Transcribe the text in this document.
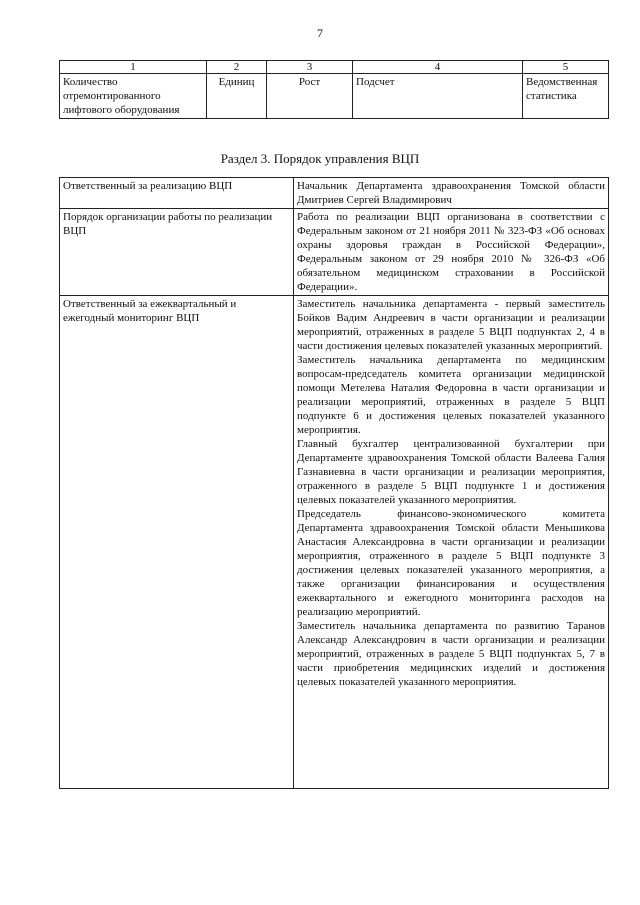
7
1	2	3	4	5
Количество отремонтированного лифтового оборудования	Единиц	Рост	Подсчет	Ведомственная статистика
Раздел 3. Порядок управления ВЦП
Ответственный за реализацию ВЦП	Начальник Департамента здравоохранения Томской области Дмитриев Сергей Владимирович
Порядок организации работы по реализации ВЦП	Работа по реализации ВЦП организована в соответствии с Федеральным законом от 21 ноября 2011 № 323-ФЗ «Об основах охраны здоровья граждан в Российской Федерации», Федеральным законом от 29 ноября 2010 № 326-ФЗ «Об обязательном медицинском страховании в Российской Федерации».
Ответственный за ежеквартальный и ежегодный мониторинг ВЦП	Заместитель начальника департамента - первый заместитель Бойков Вадим Андреевич в части организации и реализации мероприятий, отраженных в разделе 5 ВЦП подпунктах 2, 4 в части достижения целевых показателей указанных мероприятий.

Заместитель начальника департамента по медицинским вопросам-председатель комитета организации медицинской помощи Метелева Наталия Федоровна в части организации и реализации мероприятий, отраженных в разделе 5 ВЦП подпункте 6 и достижения целевых показателей указанного мероприятия.

Главный бухгалтер централизованной бухгалтерии при Департаменте здравоохранения Томской области Валеева Галия Газнавиевна в части организации и реализации мероприятия, отраженного в разделе 5 ВЦП подпункте 1 и достижения целевых показателей указанного мероприятия.

Председатель финансово-экономического комитета Департамента здравоохранения Томской области Меньшикова Анастасия Александровна в части организации и реализации мероприятия, отраженного в разделе 5 ВЦП подпункте 3 достижения целевых показателей указанного мероприятия, а также организации финансирования и осуществления ежеквартального и ежегодного мониторинга расходов на реализацию мероприятий.

Заместитель начальника департамента по развитию Таранов Александр Александрович в части организации и реализации мероприятий, отраженных в разделе 5 ВЦП подпунктах 5, 7 в части приобретения медицинских изделий и достижения целевых показателей указанного мероприятия.
